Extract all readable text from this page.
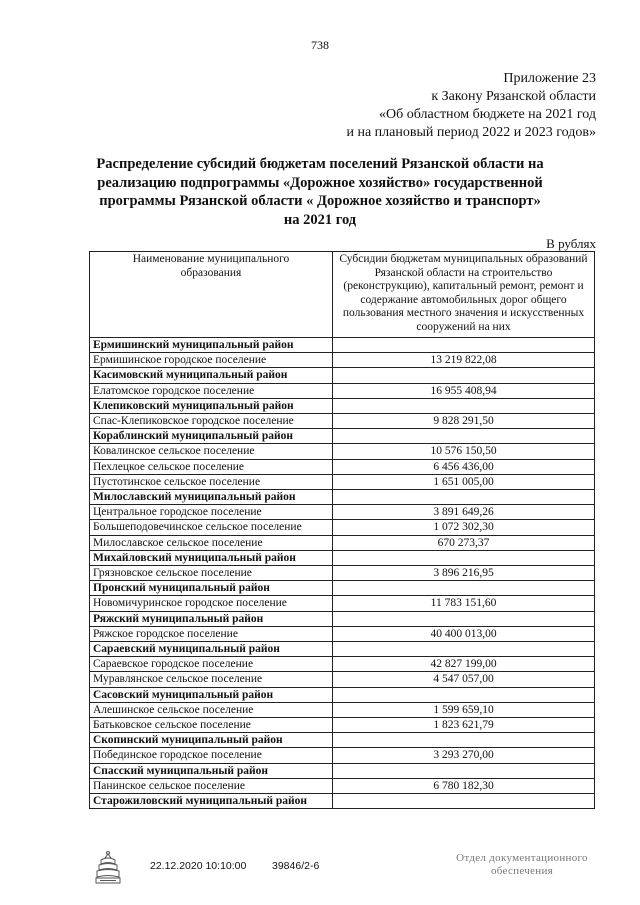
738
Приложение 23
к Закону Рязанской области
«Об областном бюджете на 2021 год
и на плановый период 2022 и 2023 годов»
Распределение субсидий бюджетам поселений Рязанской области на
реализацию подпрограммы «Дорожное хозяйство» государственной
программы Рязанской области « Дорожное хозяйство и транспорт»
на 2021 год
В рублях
Наименование муниципального образования	Субсидии бюджетам муниципальных образований Рязанской области на строительство (реконструкцию), капитальный ремонт, ремонт и содержание автомобильных дорог общего пользования местного значения и искусственных сооружений на них
Ермишинский муниципальный район	
Ермишинское городское поселение	13 219 822,08
Касимовский муниципальный район	
Елатомское городское поселение	16 955 408,94
Клепиковский муниципальный район	
Спас-Клепиковское городское поселение	9 828 291,50
Кораблинский муниципальный район	
Ковалинское сельское поселение	10 576 150,50
Пехлецкое сельское поселение	6 456 436,00
Пустотинское сельское поселение	1 651 005,00
Милославский муниципальный район	
Центральное городское поселение	3 891 649,26
Большеподовечинское сельское поселение	1 072 302,30
Милославское сельское поселение	670 273,37
Михайловский муниципальный район	
Грязновское сельское поселение	3 896 216,95
Пронский муниципальный район	
Новомичуринское городское поселение	11 783 151,60
Ряжский муниципальный район	
Ряжское городское поселение	40 400 013,00
Сараевский муниципальный район	
Сараевское городское поселение	42 827 199,00
Муравлянское сельское поселение	4 547 057,00
Сасовский муниципальный район	
Алешинское сельское поселение	1 599 659,10
Батьковское сельское поселение	1 823 621,79
Скопинский муниципальный район	
Побединское городское поселение	3 293 270,00
Спасский муниципальный район	
Панинское сельское поселение	6 780 182,30
Старожиловский муниципальный район	
22.12.2020 10:10:00 39846/2-6
Отдел документационного
обеспечения
